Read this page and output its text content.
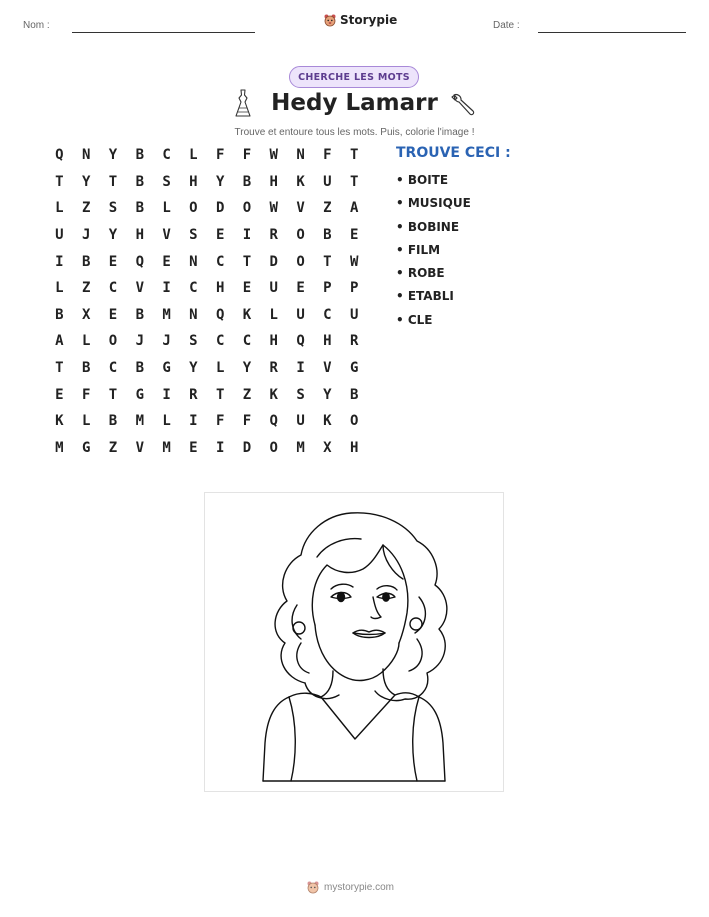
Nom :	Storypie	Date :
CHERCHE LES MOTS
Hedy Lamarr
Trouve et entoure tous les mots. Puis, colorie l'image !
Q	N	Y	B	C	L	F	F	W	N	F	T
T	Y	T	B	S	H	Y	B	H	K	U	T
L	Z	S	B	L	O	D	O	W	V	Z	A
U	J	Y	H	V	S	E	I	R	O	B	E
I	B	E	Q	E	N	C	T	D	O	T	W
L	Z	C	V	I	C	H	E	U	E	P	P
B	X	E	B	M	N	Q	K	L	U	C	U
A	L	O	J	J	S	C	C	H	Q	H	R
T	B	C	B	G	Y	L	Y	R	I	V	G
E	F	T	G	I	R	T	Z	K	S	Y	B
K	L	B	M	L	I	F	F	Q	U	K	O
M	G	Z	V	M	E	I	D	O	M	X	H
TROUVE CECI :
• BOITE
• MUSIQUE
• BOBINE
• FILM
• ROBE
• ETABLI
• CLE
mystorypie.com
